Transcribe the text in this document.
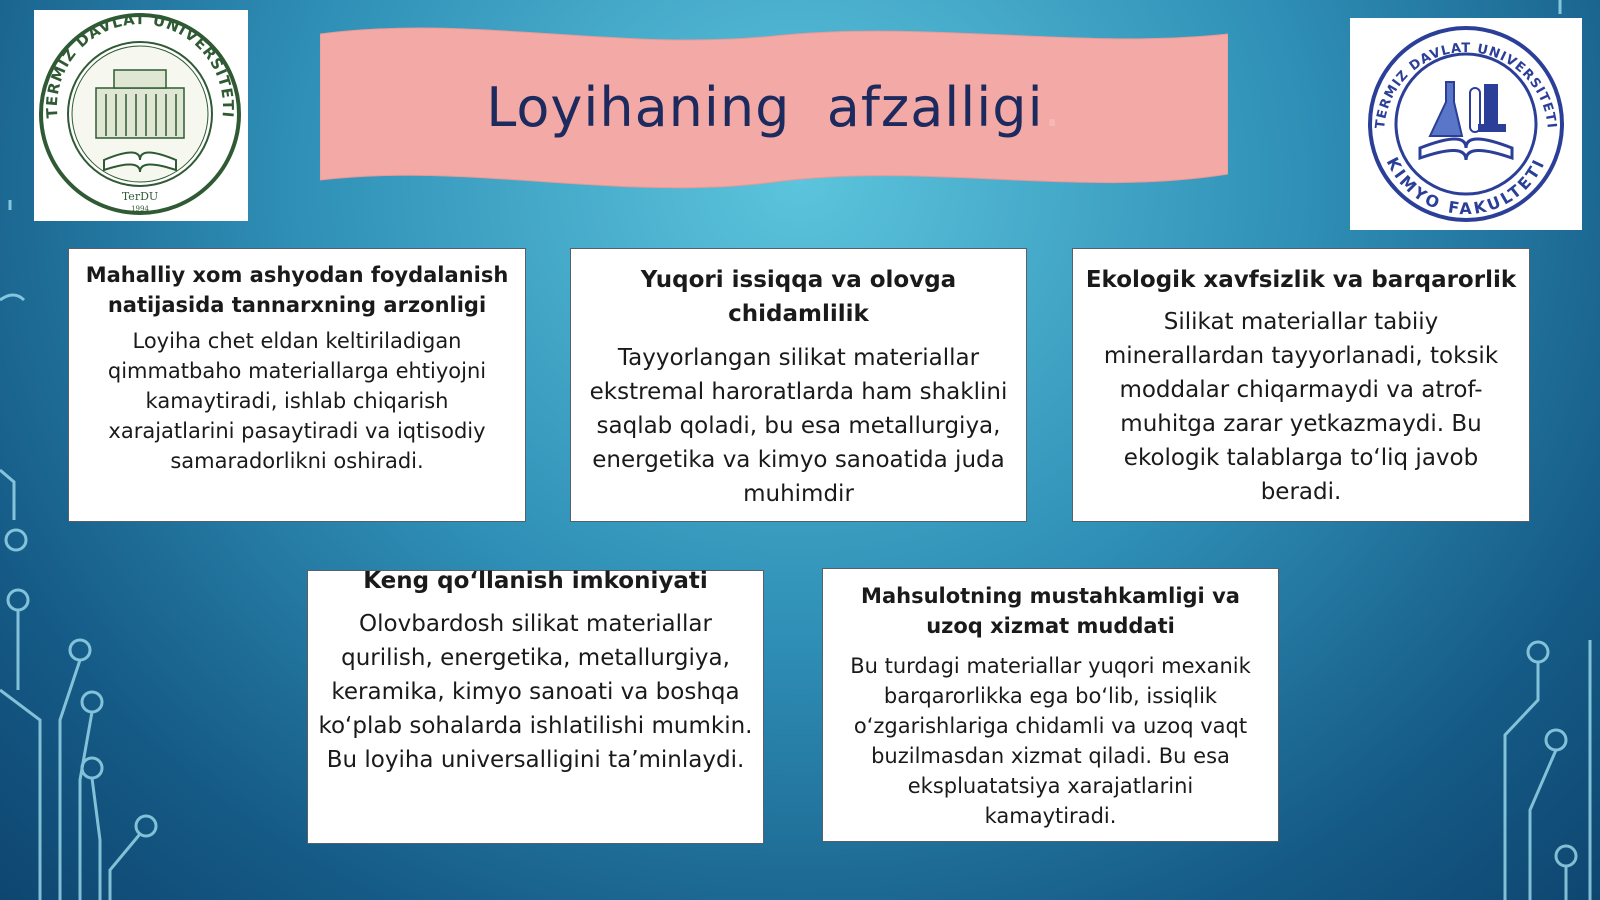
TERMIZ DAVLAT UNIVERSITETI
TerDU
1994
TERMIZ DAVLAT UNIVERSITETI
KIMYO FAKULTETI
Loyihaning  afzalligi .
Mahalliy xom ashyodan foydalanish natijasida tannarxning arzonligi

Loyiha chet eldan keltiriladigan qimmatbaho materiallarga ehtiyojni kamaytiradi, ishlab chiqarish xarajatlarini pasaytiradi va iqtisodiy samaradorlikni oshiradi.

Yuqori issiqqa va olovga chidamlilik

Tayyorlangan silikat materiallar ekstremal haroratlarda ham shaklini saqlab qoladi, bu esa metallurgiya, energetika va kimyo sanoatida juda muhimdir

Ekologik xavfsizlik va barqarorlik

Silikat materiallar tabiiy minerallardan tayyorlanadi, toksik moddalar chiqarmaydi va atrof-muhitga zarar yetkazmaydi. Bu ekologik talablarga to‘liq javob beradi.

Keng qo‘llanish imkoniyati

Olovbardosh silikat materiallar qurilish, energetika, metallurgiya, keramika, kimyo sanoati va boshqa ko‘plab sohalarda ishlatilishi mumkin. Bu loyiha universalligini ta’minlaydi.

Mahsulotning mustahkamligi va uzoq xizmat muddati

Bu turdagi materiallar yuqori mexanik barqarorlikka ega bo‘lib, issiqlik o‘zgarishlariga chidamli va uzoq vaqt buzilmasdan xizmat qiladi. Bu esa ekspluatatsiya xarajatlarini kamaytiradi.
